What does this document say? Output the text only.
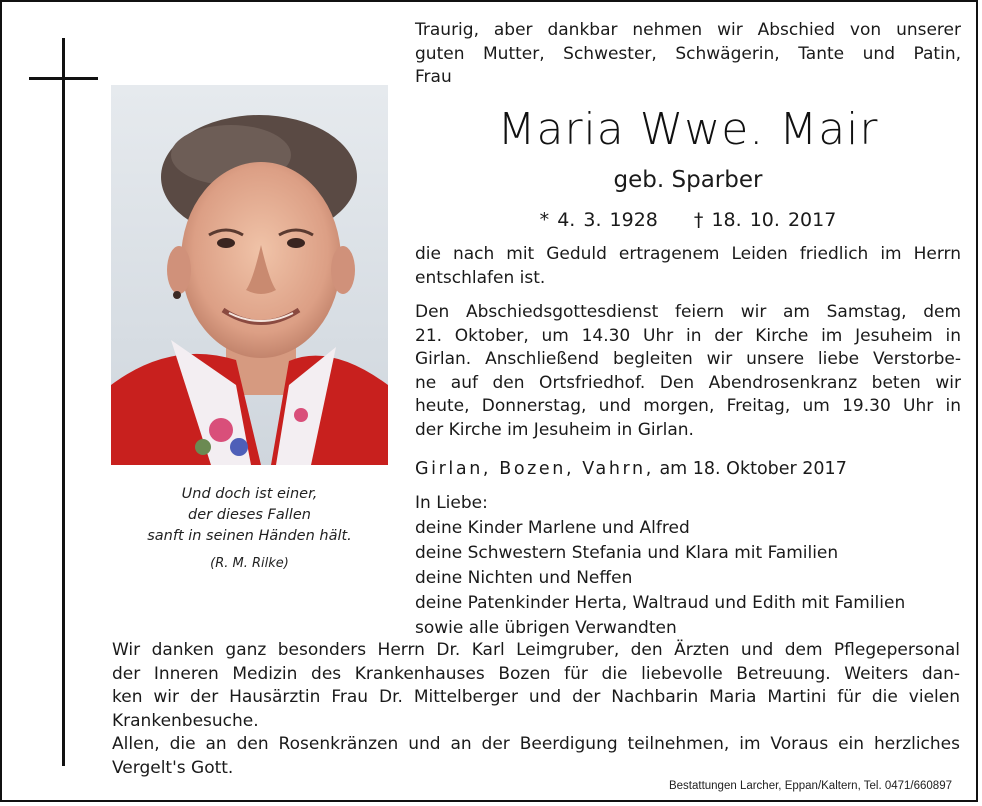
Und doch ist einer,
der dieses Fallen
sanft in seinen Händen hält.
(R. M. Rilke)
Traurig, aber dankbar nehmen wir Abschied von unserer
guten Mutter, Schwester, Schwägerin, Tante und Patin,
Frau
Maria Wwe. Mair
geb. Sparber
* 4. 3. 1928 † 18. 10. 2017
die nach mit Geduld ertragenem Leiden friedlich im Herrn
entschlafen ist.
Den Abschiedsgottesdienst feiern wir am Samstag, dem
21. Oktober, um 14.30 Uhr in der Kirche im Jesuheim in
Girlan. Anschließend begleiten wir unsere liebe Verstorbe-
ne auf den Ortsfriedhof. Den Abendrosenkranz beten wir
heute, Donnerstag, und morgen, Freitag, um 19.30 Uhr in
der Kirche im Jesuheim in Girlan.
Girlan, Bozen, Vahrn, am 18. Oktober 2017
In Liebe:
deine Kinder Marlene und Alfred
deine Schwestern Stefania und Klara mit Familien
deine Nichten und Neffen
deine Patenkinder Herta, Waltraud und Edith mit Familien
sowie alle übrigen Verwandten
Wir danken ganz besonders Herrn Dr. Karl Leimgruber, den Ärzten und dem Pflegepersonal
der Inneren Medizin des Krankenhauses Bozen für die liebevolle Betreuung. Weiters dan-
ken wir der Hausärztin Frau Dr. Mittelberger und der Nachbarin Maria Martini für die vielen
Krankenbesuche.
Allen, die an den Rosenkränzen und an der Beerdigung teilnehmen, im Voraus ein herzliches
Vergelt's Gott.
Bestattungen Larcher, Eppan/Kaltern, Tel. 0471/660897
